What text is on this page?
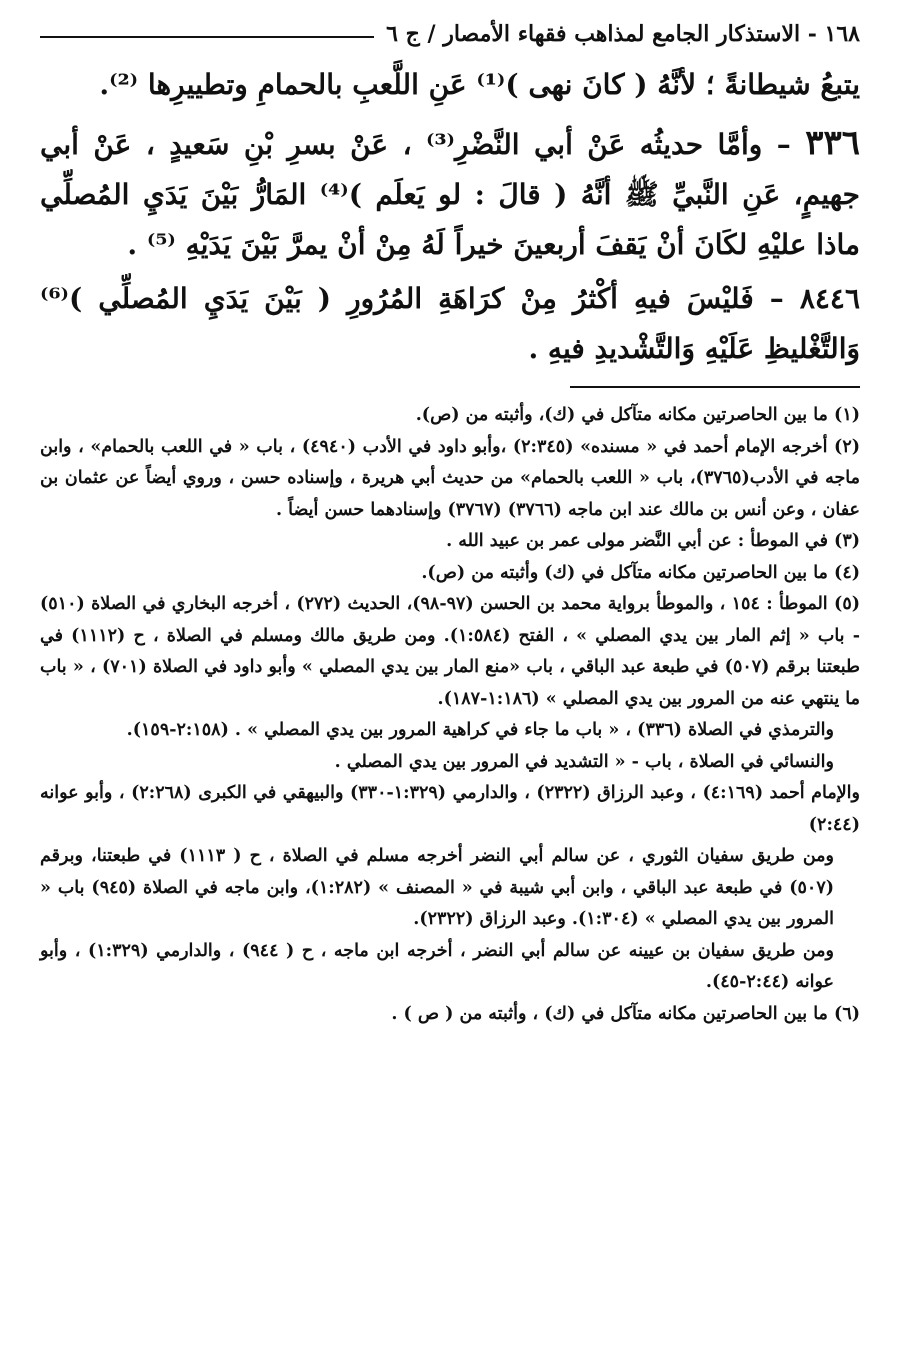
١٦٨ - الاستذكار الجامع لمذاهب فقهاء الأمصار / ج ٦

يتبعُ شيطانةً ؛ لأنَّهُ ( كانَ نهى )⁽¹⁾ عَنِ اللَّعبِ بالحمامِ وتطييرِها ⁽²⁾.

٣٣٦ – وأمَّا حديثُه عَنْ أبي النَّضْرِ⁽³⁾ ، عَنْ بسرِ بْنِ سَعيدٍ ، عَنْ أبي جهيمٍ، عَنِ النَّبيِّ ﷺ أنَّهُ ( قالَ : لو يَعلَم )⁽⁴⁾ المَارُّ بَيْنَ يَدَيِ المُصلِّي ماذا عليْهِ لكَانَ أنْ يَقفَ أربعينَ خيراً لَهُ مِنْ أنْ يمرَّ بَيْنَ يَدَيْهِ ⁽⁵⁾ .

٨٤٤٦ – فَليْسَ فيهِ أكْثرُ مِنْ كرَاهَةِ المُرُورِ ( بَيْنَ يَدَيِ المُصلِّي )⁽⁶⁾ وَالتَّغْليظِ عَلَيْهِ وَالتَّشْديدِ فيهِ .

(١) ما بين الحاصرتين مكانه متآكل في (ك)، وأثبته من (ص).

(٢) أخرجه الإمام أحمد في « مسنده» (٢:٣٤٥) ،وأبو داود في الأدب (٤٩٤٠) ، باب « في اللعب بالحمام» ، وابن ماجه في الأدب(٣٧٦٥)، باب « اللعب بالحمام» من حديث أبي هريرة ، وإسناده حسن ، وروي أيضاً عن عثمان بن عفان ، وعن أنس بن مالك عند ابن ماجه (٣٧٦٦) (٣٧٦٧) وإسنادهما حسن أيضاً .

(٣) في الموطأ : عن أبي النَّضر مولى عمر بن عبيد الله .

(٤) ما بين الحاصرتين مكانه متآكل في (ك) وأثبته من (ص).

(٥) الموطأ : ١٥٤ ، والموطأ برواية محمد بن الحسن (٩٧-٩٨)، الحديث (٢٧٢) ، أخرجه البخاري في الصلاة (٥١٠) - باب « إثم المار بين يدي المصلي » ، الفتح (١:٥٨٤). ومن طريق مالك ومسلم في الصلاة ، ح (١١١٢) في طبعتنا برقم (٥٠٧) في طبعة عبد الباقي ، باب «منع المار بين يدي المصلي » وأبو داود في الصلاة (٧٠١) ، « باب ما ينتهي عنه من المرور بين يدي المصلي » (١:١٨٦-١٨٧).

والترمذي في الصلاة (٣٣٦) ، « باب ما جاء في كراهية المرور بين يدي المصلي » . (٢:١٥٨-١٥٩).

والنسائي في الصلاة ، باب - « التشديد في المرور بين يدي المصلي .

والإمام أحمد (٤:١٦٩) ، وعبد الرزاق (٢٣٢٢) ، والدارمي (١:٣٢٩-٣٣٠) والبيهقي في الكبرى (٢:٢٦٨) ، وأبو عوانه (٢:٤٤)

ومن طريق سفيان الثوري ، عن سالم أبي النضر أخرجه مسلم في الصلاة ، ح ( ١١١٣) في طبعتنا، وبرقم (٥٠٧) في طبعة عبد الباقي ، وابن أبي شيبة في « المصنف » (١:٢٨٢)، وابن ماجه في الصلاة (٩٤٥) باب « المرور بين يدي المصلي » (١:٣٠٤). وعبد الرزاق (٢٣٢٢).

ومن طريق سفيان بن عيينه عن سالم أبي النضر ، أخرجه ابن ماجه ، ح ( ٩٤٤) ، والدارمي (١:٣٢٩) ، وأبو عوانه (٢:٤٤-٤٥).

(٦) ما بين الحاصرتين مكانه متآكل في (ك) ، وأثبته من ( ص ) .
